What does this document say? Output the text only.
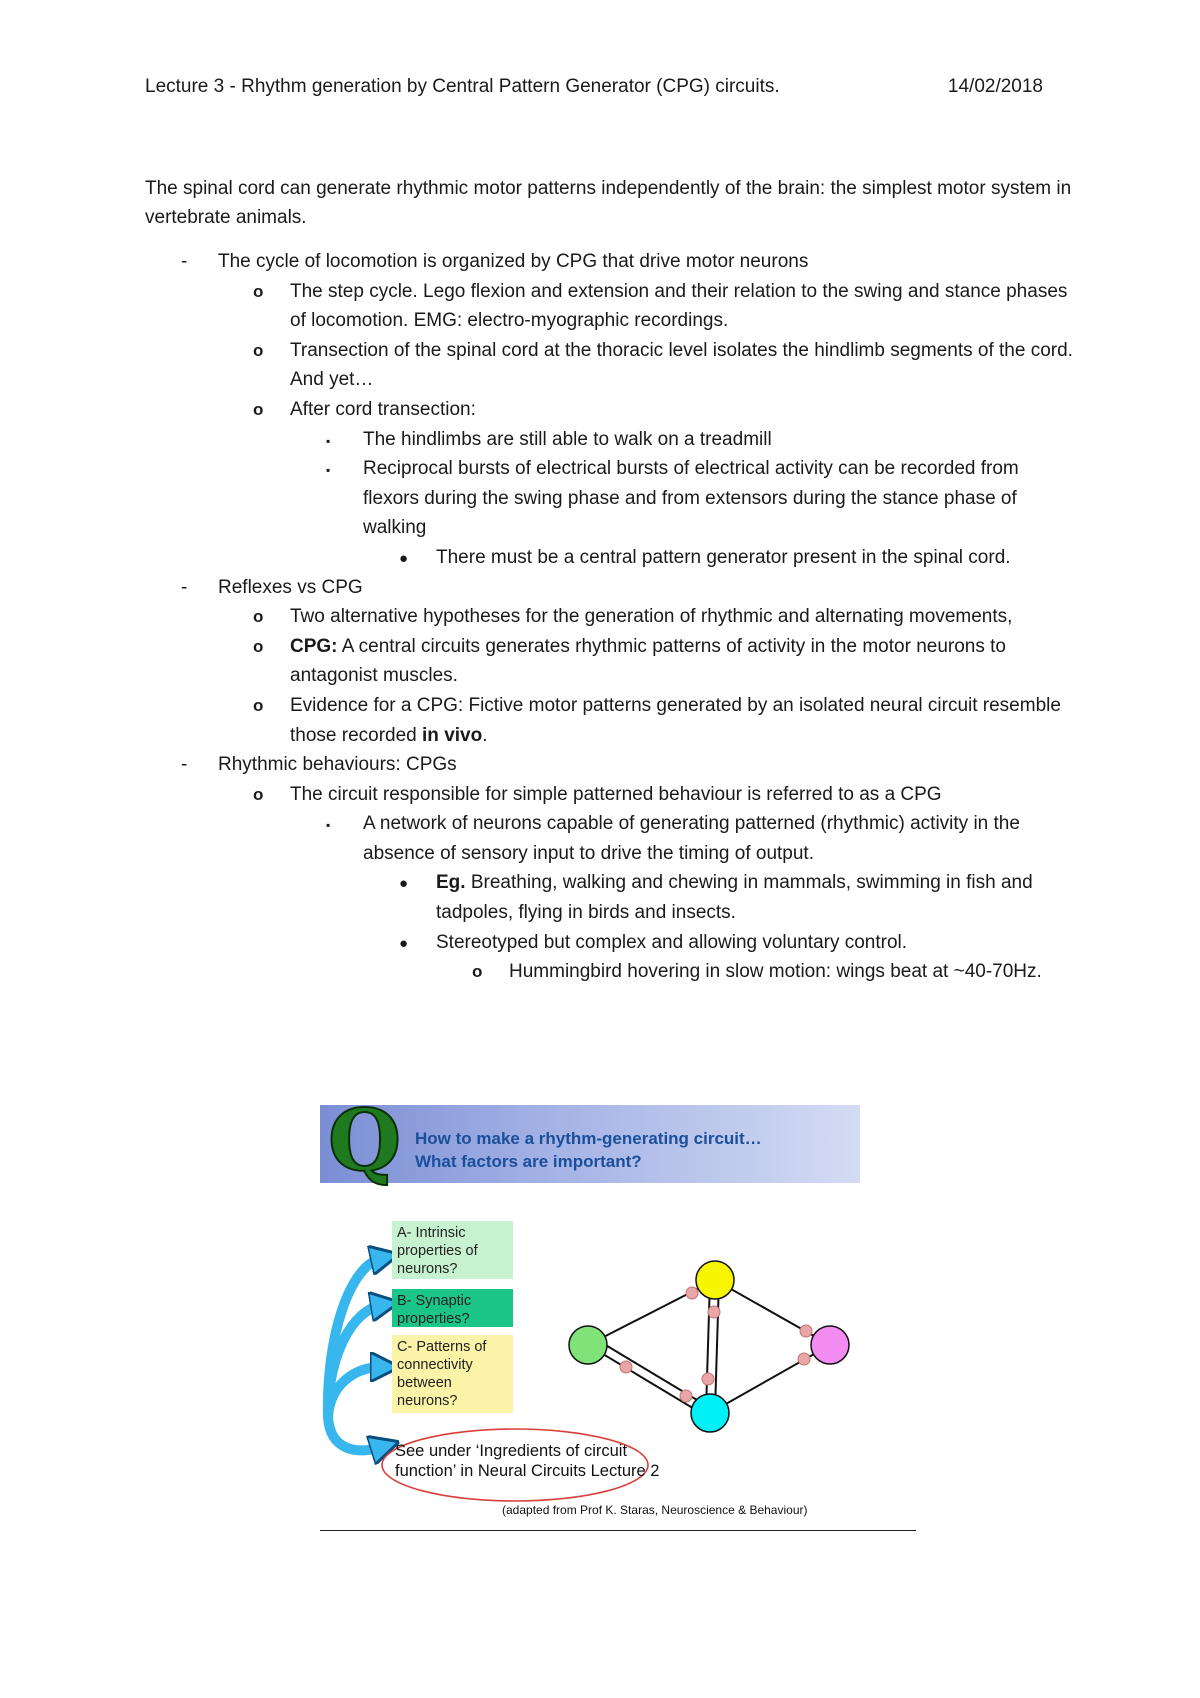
Lecture 3 - Rhythm generation by Central Pattern Generator (CPG) circuits.	14/02/2018

The spinal cord can generate rhythmic motor patterns independently of the brain: the simplest motor system in vertebrate animals.

- The cycle of locomotion is organized by CPG that drive motor neurons
o The step cycle. Lego flexion and extension and their relation to the swing and stance phases of locomotion. EMG: electro-myographic recordings.
o Transection of the spinal cord at the thoracic level isolates the hindlimb segments of the cord. And yet…
o After cord transection:
▪ The hindlimbs are still able to walk on a treadmill
▪ Reciprocal bursts of electrical bursts of electrical activity can be recorded from flexors during the swing phase and from extensors during the stance phase of walking
● There must be a central pattern generator present in the spinal cord.
- Reflexes vs CPG
o Two alternative hypotheses for the generation of rhythmic and alternating movements,
o CPG: A central circuits generates rhythmic patterns of activity in the motor neurons to antagonist muscles.
o Evidence for a CPG: Fictive motor patterns generated by an isolated neural circuit resemble those recorded in vivo.
- Rhythmic behaviours: CPGs
o The circuit responsible for simple patterned behaviour is referred to as a CPG
▪ A network of neurons capable of generating patterned (rhythmic) activity in the absence of sensory input to drive the timing of output.
● Eg. Breathing, walking and chewing in mammals, swimming in fish and tadpoles, flying in birds and insects.
● Stereotyped but complex and allowing voluntary control.
o Hummingbird hovering in slow motion: wings beat at ~40-70Hz.
Q How to make a rhythm-generating circuit…
What factors are important?
A- Intrinsic properties of neurons?
B- Synaptic properties?
C- Patterns of connectivity between neurons?
See under ‘Ingredients of circuit
function’ in Neural Circuits Lecture 2
(adapted from Prof K. Staras, Neuroscience & Behaviour)
